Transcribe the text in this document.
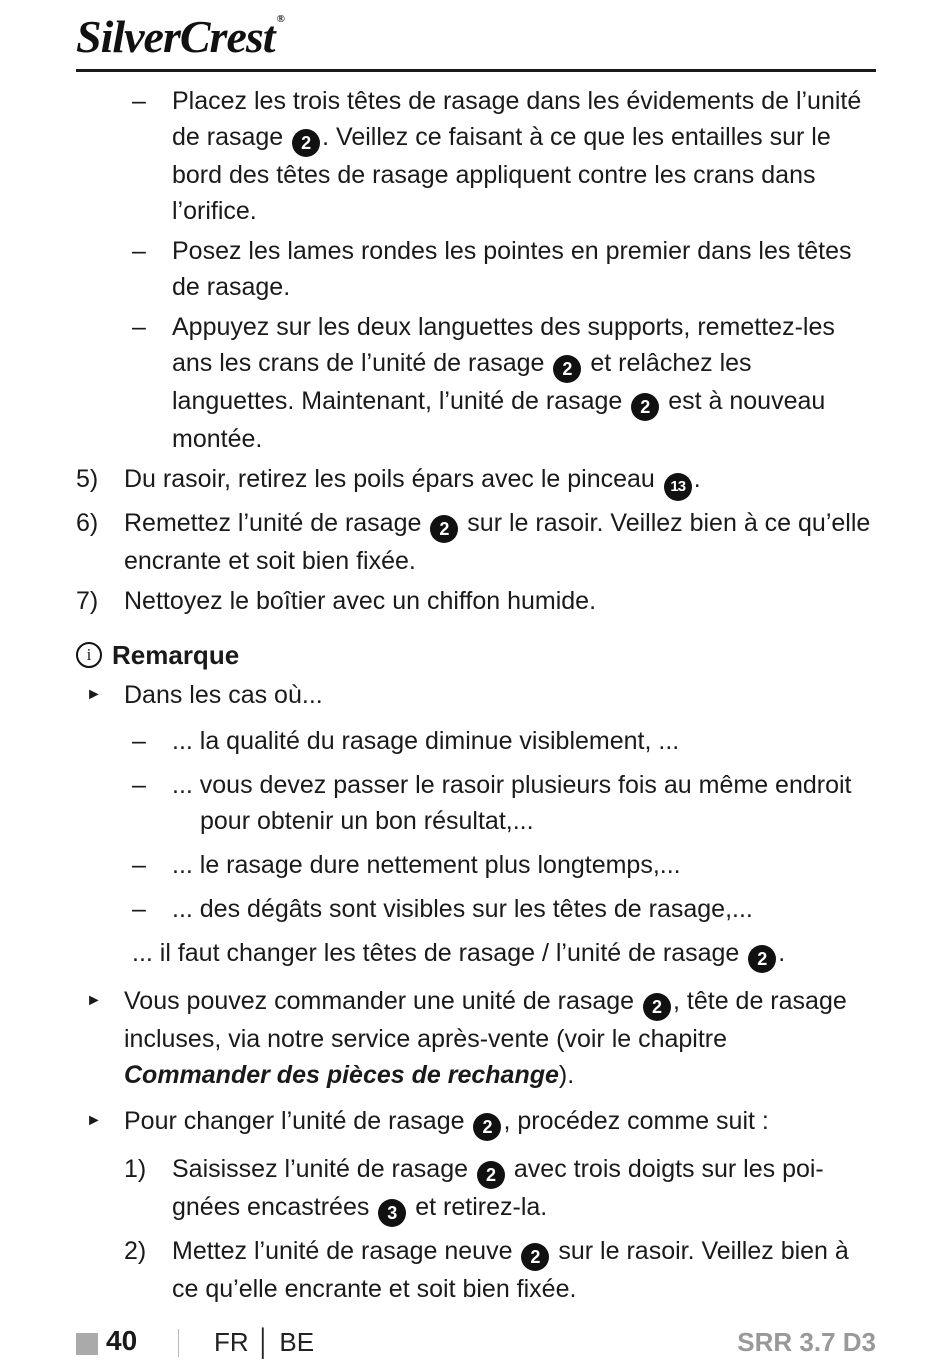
SilverCrest ®
– Placez les trois têtes de rasage dans les évidements de l’unité de rasage 2 . Veillez ce faisant à ce que les entailles sur le bord des têtes de rasage appliquent contre les crans dans l’orifice.
– Posez les lames rondes les pointes en premier dans les têtes de rasage.
– Appuyez sur les deux languettes des supports, remettez-les ans les crans de l’unité de rasage 2 et relâchez les languettes. Maintenant, l’unité de rasage 2 est à nouveau montée.
5) Du rasoir, retirez les poils épars avec le pinceau 13 .
6) Remettez l’unité de rasage 2 sur le rasoir. Veillez bien à ce qu’elle encrante et soit bien fixée.
7) Nettoyez le boîtier avec un chiffon humide.
i Remarque
► Dans les cas où...
– ... la qualité du rasage diminue visiblement, ...
– ... vous devez passer le rasoir plusieurs fois au même endroit
pour obtenir un bon résultat,...
– ... le rasage dure nettement plus longtemps,...
– ... des dégâts sont visibles sur les têtes de rasage,...
... il faut changer les têtes de rasage / l’unité de rasage 2 .
► Vous pouvez commander une unité de rasage 2 , tête de rasage incluses, via notre service après-vente (voir le chapitre Commander des pièces de rechange).
► Pour changer l’unité de rasage 2 , procédez comme suit :
1) Saisissez l’unité de rasage 2 avec trois doigts sur les poi-gnées encastrées 3 et retirez-la.
2) Mettez l’unité de rasage neuve 2 sur le rasoir. Veillez bien à ce qu’elle encrante et soit bien fixée.
40	FR │ BE	SRR 3.7 D3
